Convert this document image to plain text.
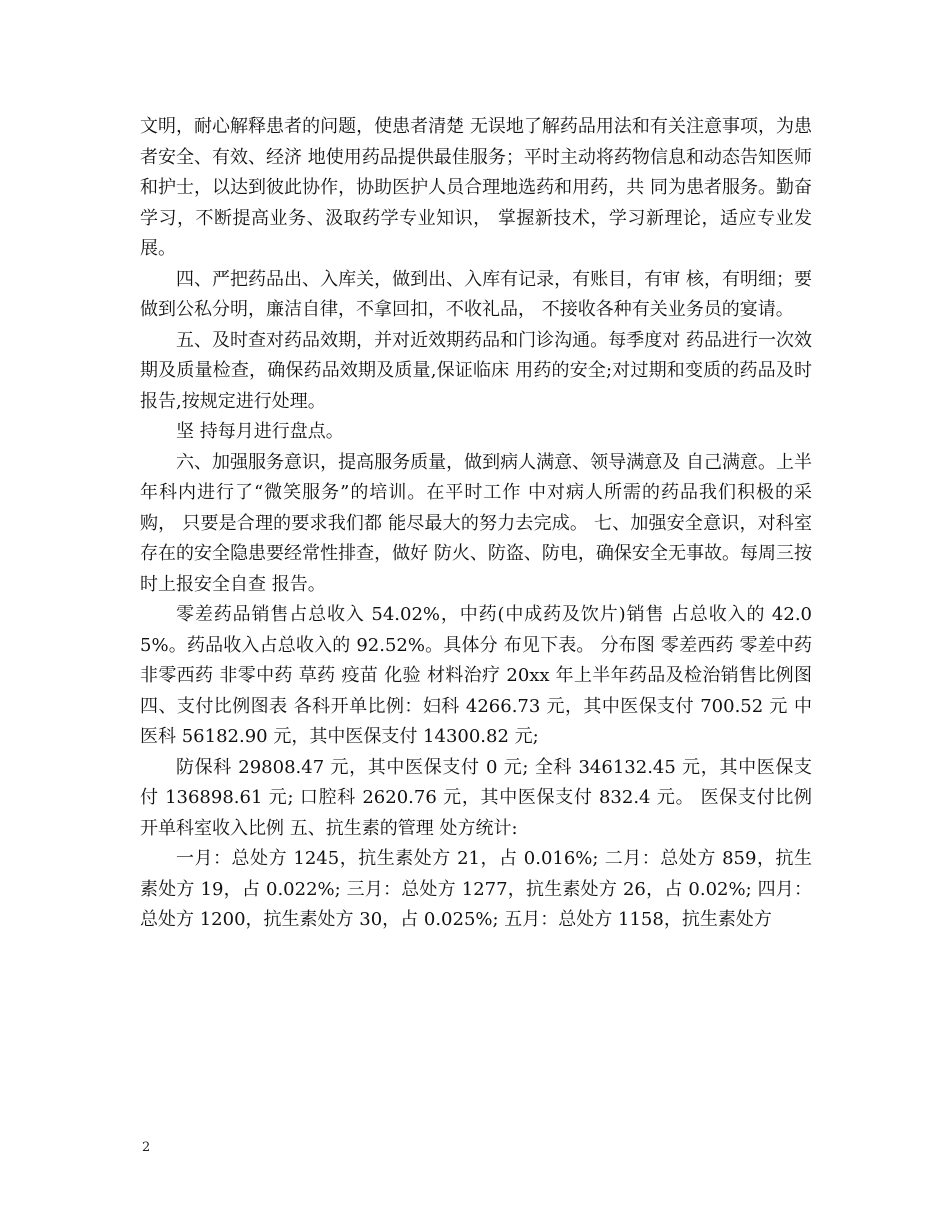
文明，耐心解释患者的问题，使患者清楚 无误地了解药品用法和有关注意事项，为患者安全、有效、经济 地使用药品提供最佳服务；平时主动将药物信息和动态告知医师 和护士，以达到彼此协作，协助医护人员合理地选药和用药，共 同为患者服务。勤奋学习，不断提高业务、汲取药学专业知识， 掌握新技术，学习新理论，适应专业发展。

四、严把药品出、入库关，做到出、入库有记录，有账目，有审 核，有明细；要做到公私分明，廉洁自律，不拿回扣，不收礼品， 不接收各种有关业务员的宴请。

五、及时查对药品效期，并对近效期药品和门诊沟通。每季度对 药品进行一次效期及质量检查，确保药品效期及质量,保证临床 用药的安全;对过期和变质的药品及时报告,按规定进行处理。

坚 持每月进行盘点。

六、加强服务意识，提高服务质量，做到病人满意、领导满意及 自己满意。上半年科内进行了“微笑服务”的培训。在平时工作 中对病人所需的药品我们积极的采购， 只要是合理的要求我们都 能尽最大的努力去完成。 七、加强安全意识，对科室存在的安全隐患要经常性排查，做好 防火、防盗、防电，确保安全无事故。每周三按时上报安全自查 报告。

零差药品销售占总收入 54.02%，中药(中成药及饮片)销售 占总收入的 42.05%。药品收入占总收入的 92.52%。具体分 布见下表。 分布图 零差西药 零差中药 非零西药 非零中药 草药 疫苗 化验 材料治疗 20xx 年上半年药品及检治销售比例图 四、支付比例图表 各科开单比例：妇科 4266.73 元，其中医保支付 700.52 元 中医科 56182.90 元，其中医保支付 14300.82 元;

防保科 29808.47 元，其中医保支付 0 元; 全科 346132.45 元，其中医保支付 136898.61 元; 口腔科 2620.76 元，其中医保支付 832.4 元。 医保支付比例 开单科室收入比例 五、抗生素的管理 处方统计:

一月：总处方 1245，抗生素处方 21，占 0.016%; 二月：总处方 859，抗生素处方 19，占 0.022%; 三月：总处方 1277，抗生素处方 26，占 0.02%; 四月：总处方 1200，抗生素处方 30，占 0.025%; 五月：总处方 1158，抗生素处方

2
